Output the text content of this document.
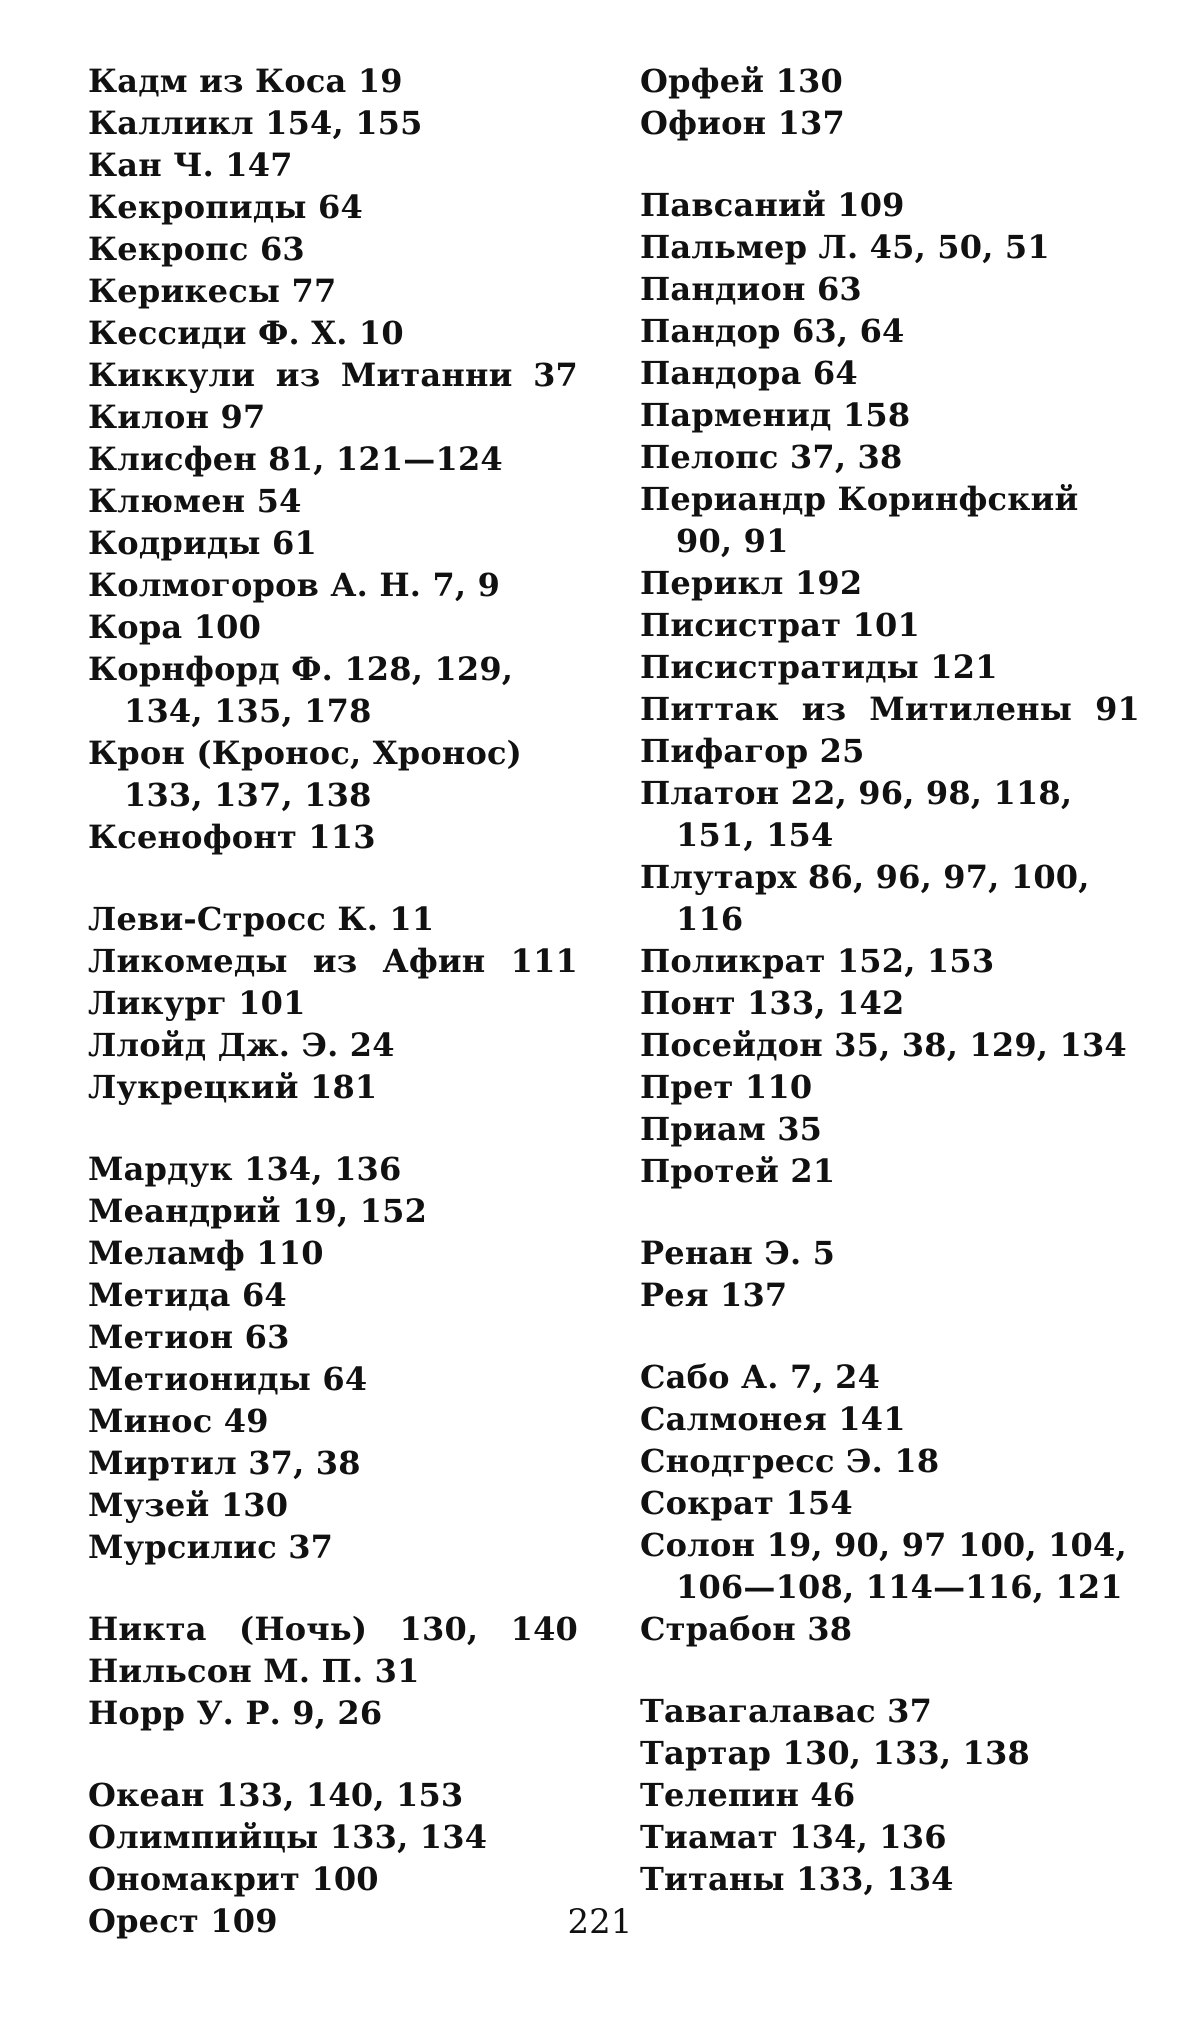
Кадм из Коса 19
Калликл 154, 155
Кан Ч. 147
Кекропиды 64
Кекропс 63
Керикесы 77
Кессиди Ф. Х. 10
Киккули из Митанни 37
Килон 97
Клисфен 81, 121—124
Клюмен 54
Кодриды 61
Колмогоров А. Н. 7, 9
Кора 100
Корнфорд Ф. 128, 129, 134, 135, 178
Крон (Кронос, Хронос) 133, 137, 138
Ксенофонт 113
Леви-Стросс К. 11
Ликомеды из Афин 111
Ликург 101
Ллойд Дж. Э. 24
Лукрецкий 181
Мардук 134, 136
Меандрий 19, 152
Меламф 110
Метида 64
Метион 63
Метиониды 64
Минос 49
Миртил 37, 38
Музей 130
Мурсилис 37
Никта (Ночь) 130, 140
Нильсон М. П. 31
Норр У. Р. 9, 26
Океан 133, 140, 153
Олимпийцы 133, 134
Ономакрит 100
Орест 109
Орфей 130
Офион 137
Павсаний 109
Пальмер Л. 45, 50, 51
Пандион 63
Пандор 63, 64
Пандора 64
Парменид 158
Пелопс 37, 38
Периандр Коринфский 90, 91
Перикл 192
Писистрат 101
Писистратиды 121
Питтак из Митилены 91
Пифагор 25
Платон 22, 96, 98, 118, 151, 154
Плутарх 86, 96, 97, 100, 116
Поликрат 152, 153
Понт 133, 142
Посейдон 35, 38, 129, 134
Прет 110
Приам 35
Протей 21
Ренан Э. 5
Рея 137
Сабо А. 7, 24
Салмонея 141
Снодгресс Э. 18
Сократ 154
Солон 19, 90, 97 100, 104, 106—108, 114—116, 121
Страбон 38
Тавагалавас 37
Тартар 130, 133, 138
Телепин 46
Тиамат 134, 136
Титаны 133, 134
221
